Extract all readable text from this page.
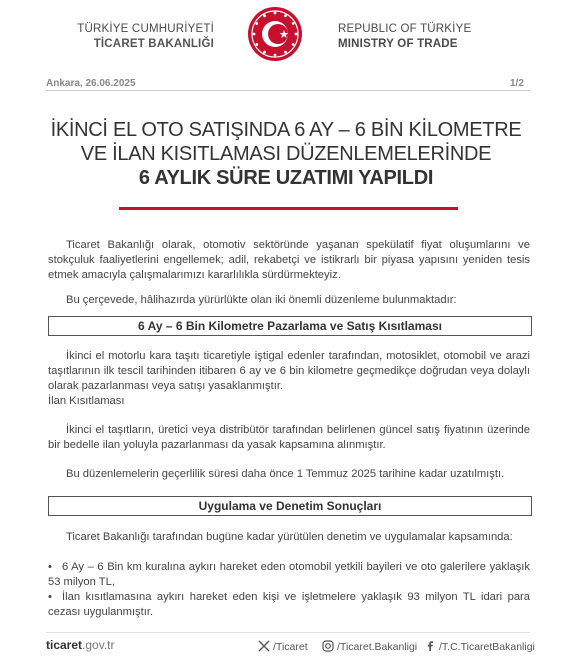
TÜRKİYE CUMHURİYETİ
TİCARET BAKANLIĞI
REPUBLIC OF TÜRKİYE
MINISTRY OF TRADE
Ankara, 26.06.2025	1/2
İKİNCİ EL OTO SATIŞINDA 6 AY – 6 BİN KİLOMETRE
VE İLAN KISITLAMASI DÜZENLEMELERİNDE
6 AYLIK SÜRE UZATIMI YAPILDI
Ticaret Bakanlığı olarak, otomotiv sektöründe yaşanan spekülatif fiyat oluşumlarını ve stokçuluk faaliyetlerini engellemek; adil, rekabetçi ve istikrarlı bir piyasa yapısını yeniden tesis etmek amacıyla çalışmalarımızı kararlılıkla sürdürmekteyiz.
Bu çerçevede, hâlihazırda yürürlükte olan iki önemli düzenleme bulunmaktadır:
6 Ay – 6 Bin Kilometre Pazarlama ve Satış Kısıtlaması
İkinci el motorlu kara taşıtı ticaretiyle iştigal edenler tarafından, motosiklet, otomobil ve arazi taşıtlarının ilk tescil tarihinden itibaren 6 ay ve 6 bin kilometre geçmedikçe doğrudan veya dolaylı olarak pazarlanması veya satışı yasaklanmıştır.
İlan Kısıtlaması
İkinci el taşıtların, üretici veya distribütör tarafından belirlenen güncel satış fiyatının üzerinde bir bedelle ilan yoluyla pazarlanması da yasak kapsamına alınmıştır.
Bu düzenlemelerin geçerlilik süresi daha önce 1 Temmuz 2025 tarihine kadar uzatılmıştı.
Uygulama ve Denetim Sonuçları
Ticaret Bakanlığı tarafından bugüne kadar yürütülen denetim ve uygulamalar kapsamında:
• 6 Ay – 6 Bin km kuralına aykırı hareket eden otomobil yetkili bayileri ve oto galerilere yaklaşık 53 milyon TL,
• İlan kısıtlamasına aykırı hareket eden kişi ve işletmelere yaklaşık 93 milyon TL idari para cezası uygulanmıştır.
ticaret.gov.tr	/Ticaret	/Ticaret.Bakanligi	/T.C.TicaretBakanligi
